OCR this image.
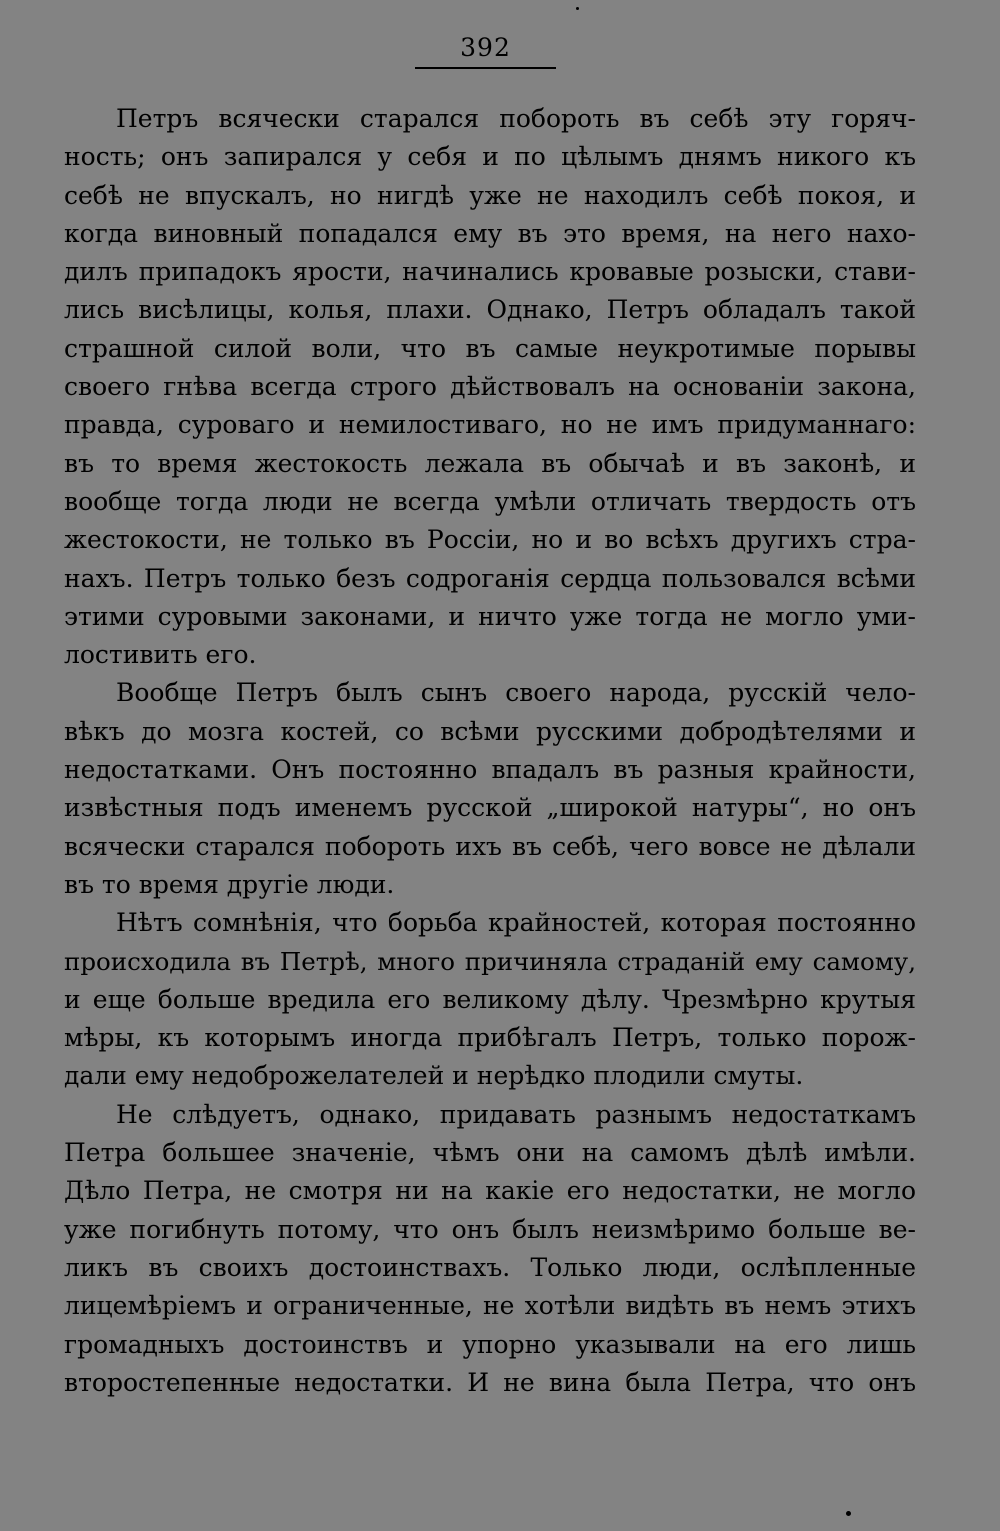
392
Петръ всячески старался побороть въ себѣ эту горяч-
ность; онъ запирался у себя и по цѣлымъ днямъ никого къ
себѣ не впускалъ, но нигдѣ уже не находилъ себѣ покоя, и
когда виновный попадался ему въ это время, на него нахо-
дилъ припадокъ ярости, начинались кровавые розыски, стави-
лись висѣлицы, колья, плахи. Однако, Петръ обладалъ такой
страшной силой воли, что въ самые неукротимые порывы
своего гнѣва всегда строго дѣйствовалъ на основанiи закона,
правда, суроваго и немилостиваго, но не имъ придуманнаго:
въ то время жестокость лежала въ обычаѣ и въ законѣ, и
вообще тогда люди не всегда умѣли отличать твердость отъ
жестокости, не только въ Россiи, но и во всѣхъ другихъ стра-
нахъ. Петръ только безъ содроганiя сердца пользовался всѣми
этими суровыми законами, и ничто уже тогда не могло уми-
лостивить его.
Вообще Петръ былъ сынъ своего народа, русскiй чело-
вѣкъ до мозга костей, со всѣми русскими добродѣтелями и
недостатками. Онъ постоянно впадалъ въ разныя крайности,
извѣстныя подъ именемъ русской „широкой натуры“, но онъ
всячески старался побороть ихъ въ себѣ, чего вовсе не дѣлали
въ то время другiе люди.
Нѣтъ сомнѣнiя, что борьба крайностей, которая постоянно
происходила въ Петрѣ, много причиняла страданiй ему самому,
и еще больше вредила его великому дѣлу. Чрезмѣрно крутыя
мѣры, къ которымъ иногда прибѣгалъ Петръ, только порож-
дали ему недоброжелателей и нерѣдко плодили смуты.
Не слѣдуетъ, однако, придавать разнымъ недостаткамъ
Петра большее значенiе, чѣмъ они на самомъ дѣлѣ имѣли.
Дѣло Петра, не смотря ни на какiе его недостатки, не могло
уже погибнуть потому, что онъ былъ неизмѣримо больше ве-
ликъ въ своихъ достоинствахъ. Только люди, ослѣпленные
лицемѣрiемъ и ограниченные, не хотѣли видѣть въ немъ этихъ
громадныхъ достоинствъ и упорно указывали на его лишь
второстепенные недостатки. И не вина была Петра, что онъ
